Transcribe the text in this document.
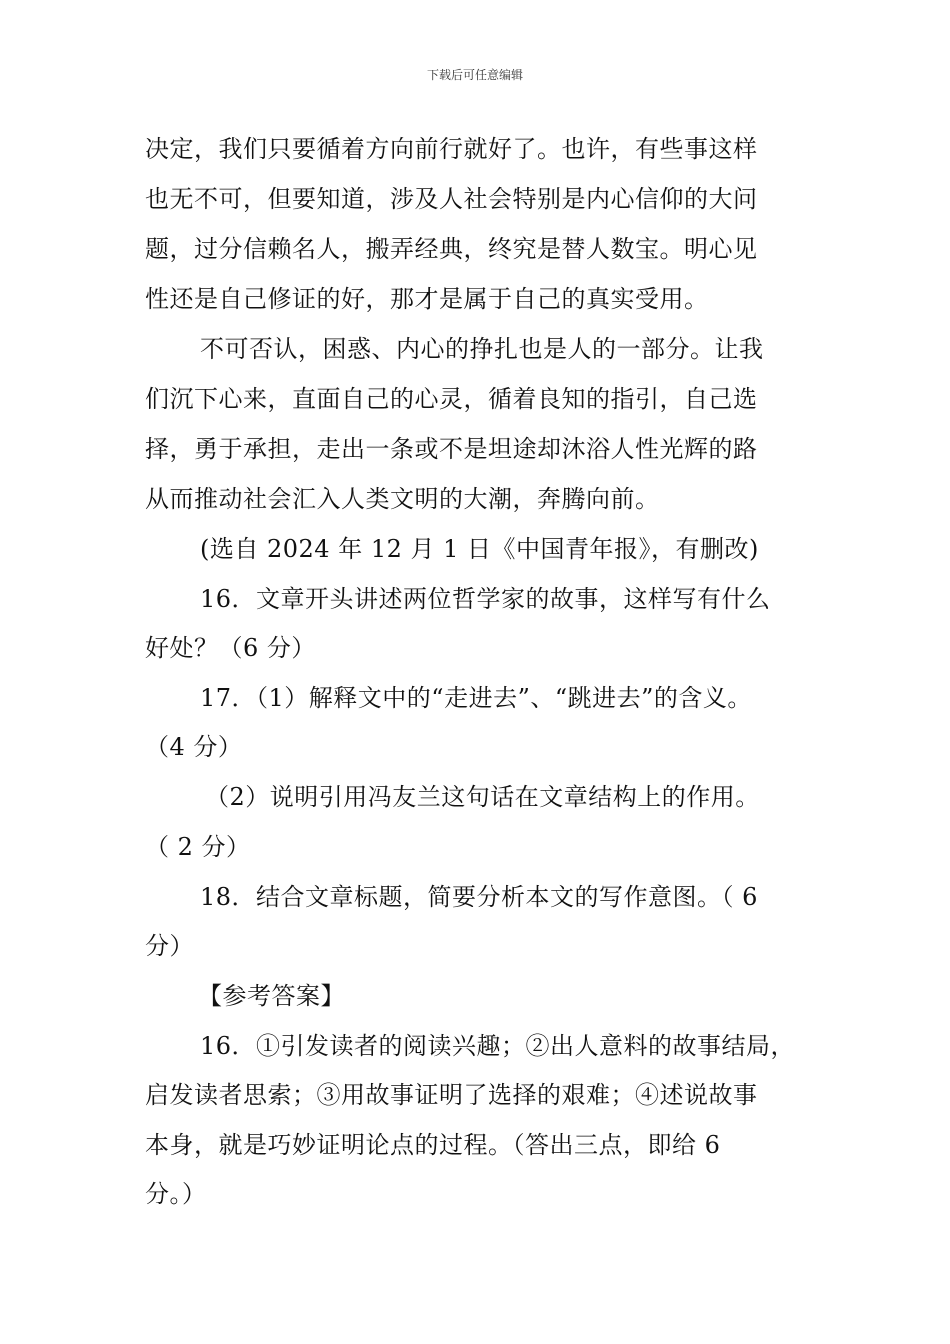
下载后可任意编辑
决定，我们只要循着方向前行就好了。也许，有些事这样
也无不可，但要知道，涉及人社会特别是内心信仰的大问
题，过分信赖名人，搬弄经典，终究是替人数宝。明心见
性还是自己修证的好，那才是属于自己的真实受用。
不可否认，困惑、内心的挣扎也是人的一部分。让我
们沉下心来，直面自己的心灵，循着良知的指引，自己选
择，勇于承担，走出一条或不是坦途却沐浴人性光辉的路
从而推动社会汇入人类文明的大潮，奔腾向前。
(选自 2024 年 12 月 1 日《中国青年报》，有删改)
16．文章开头讲述两位哲学家的故事，这样写有什么
好处？（6 分）
17．（1）解释文中的“走进去”、“跳进去”的含义。
（4 分）
（2）说明引用冯友兰这句话在文章结构上的作用。
（ 2 分）
18．结合文章标题，简要分析本文的写作意图。（ 6
分）
【参考答案】
16．①引发读者的阅读兴趣；②出人意料的故事结局，
启发读者思索；③用故事证明了选择的艰难；④述说故事
本身，就是巧妙证明论点的过程。（答出三点，即给 6
分。）
